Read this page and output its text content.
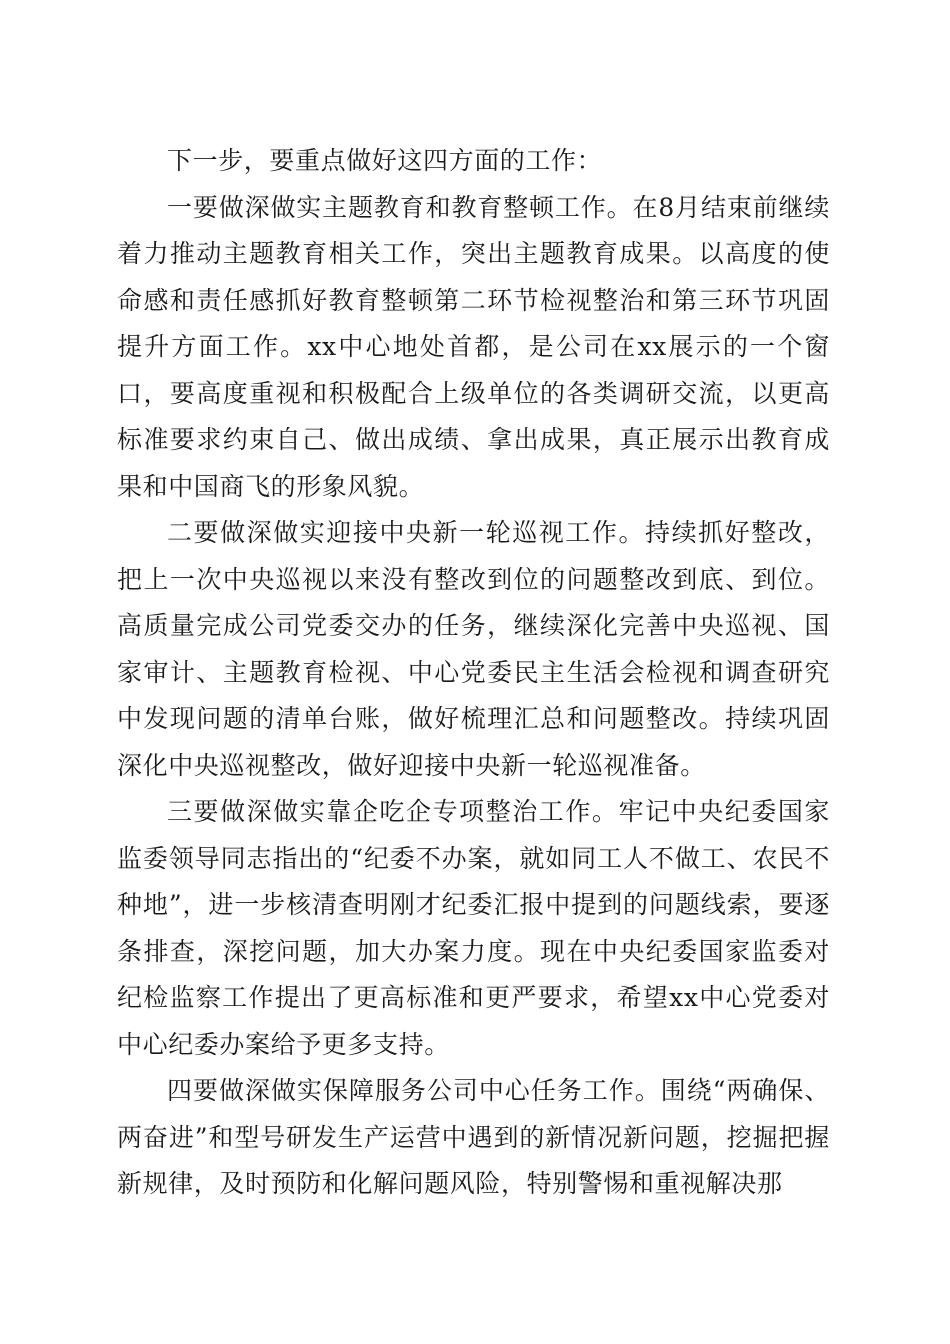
下一步，要重点做好这四方面的工作：

一要做深做实主题教育和教育整顿工作。在8月结束前继续着力推动主题教育相关工作，突出主题教育成果。以高度的使命感和责任感抓好教育整顿第二环节检视整治和第三环节巩固提升方面工作。xx中心地处首都，是公司在xx展示的一个窗口，要高度重视和积极配合上级单位的各类调研交流，以更高标准要求约束自己、做出成绩、拿出成果，真正展示出教育成果和中国商飞的形象风貌。

二要做深做实迎接中央新一轮巡视工作。持续抓好整改，把上一次中央巡视以来没有整改到位的问题整改到底、到位。高质量完成公司党委交办的任务，继续深化完善中央巡视、国家审计、主题教育检视、中心党委民主生活会检视和调查研究中发现问题的清单台账，做好梳理汇总和问题整改。持续巩固深化中央巡视整改，做好迎接中央新一轮巡视准备。

三要做深做实靠企吃企专项整治工作。牢记中央纪委国家监委领导同志指出的“纪委不办案，就如同工人不做工、农民不种地”，进一步核清查明刚才纪委汇报中提到的问题线索，要逐条排查，深挖问题，加大办案力度。现在中央纪委国家监委对纪检监察工作提出了更高标准和更严要求，希望xx中心党委对中心纪委办案给予更多支持。

四要做深做实保障服务公司中心任务工作。围绕“两确保、两奋进”和型号研发生产运营中遇到的新情况新问题，挖掘把握新规律，及时预防和化解问题风险，特别警惕和重视解决那
